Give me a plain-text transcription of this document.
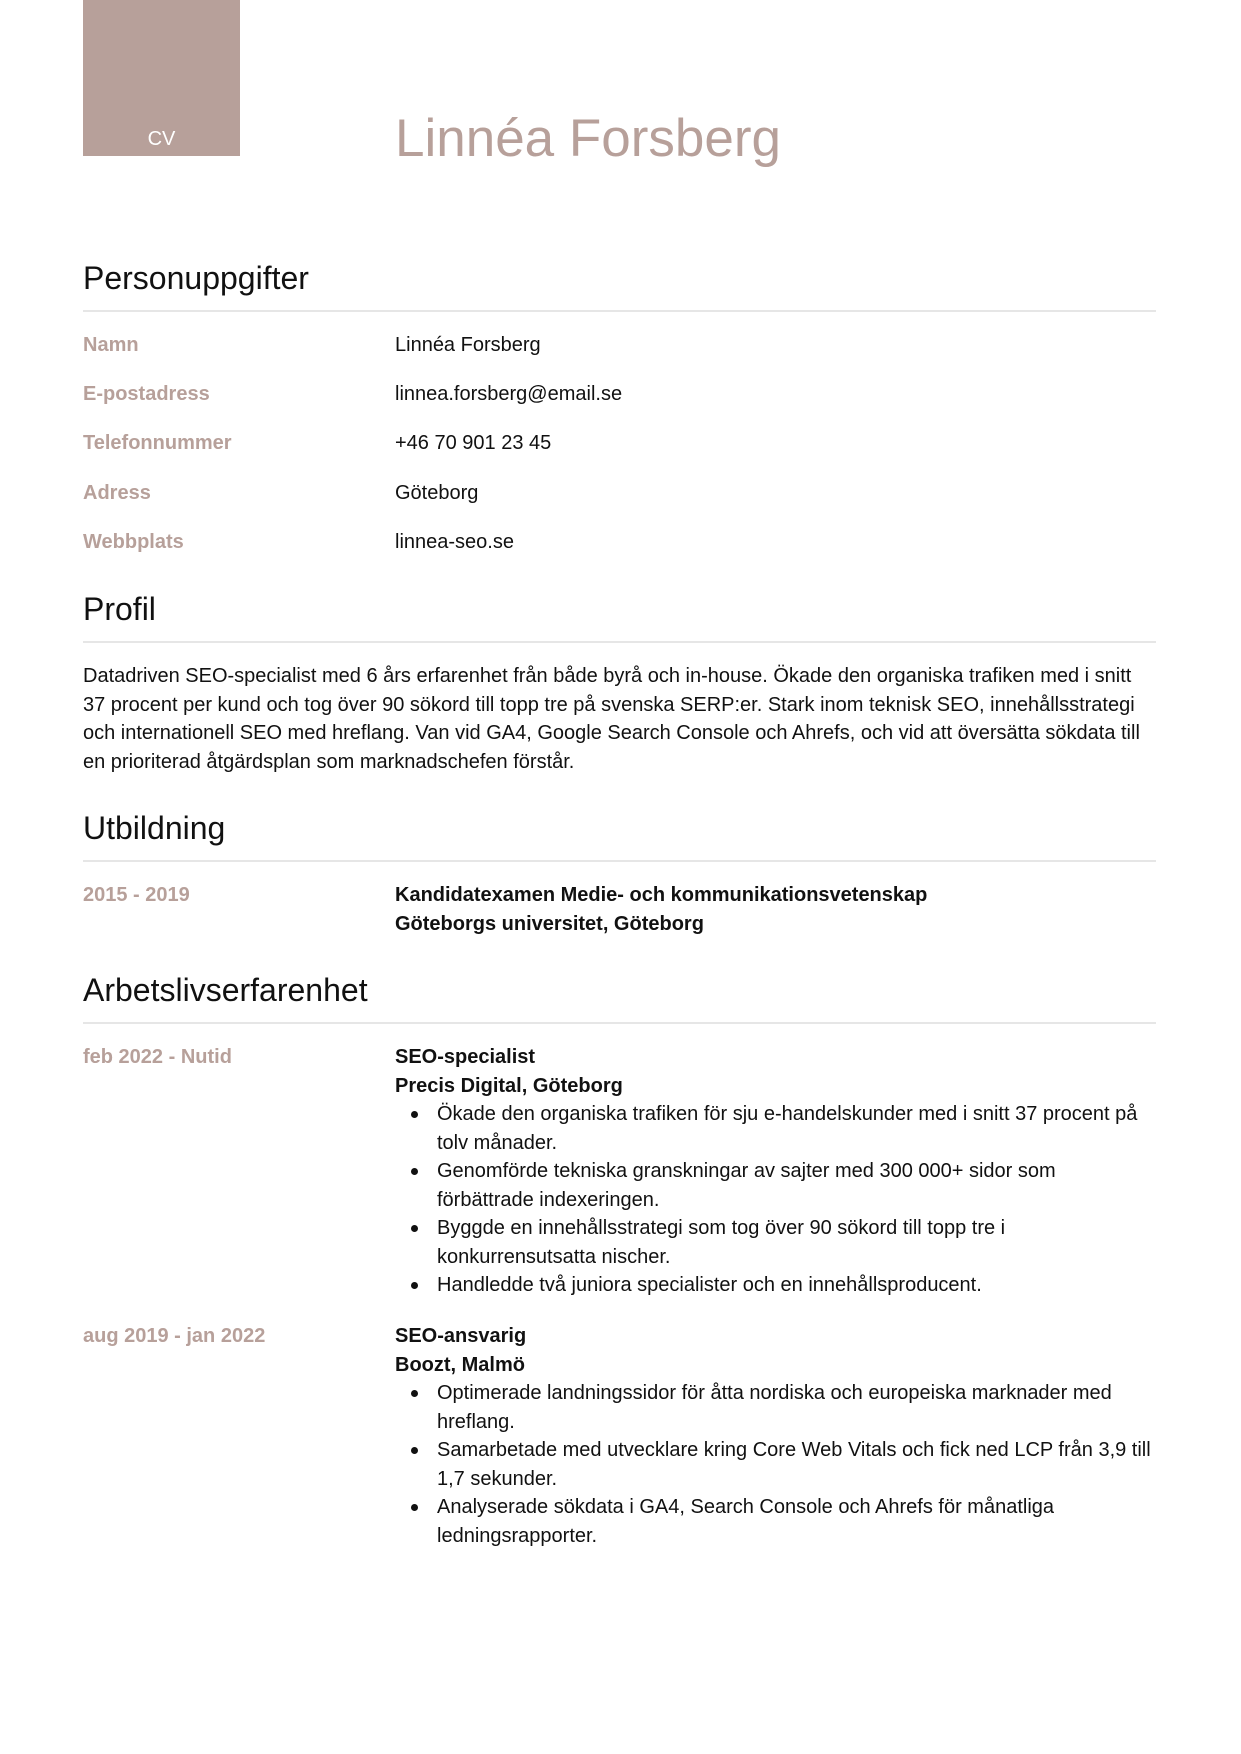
CV	Linnéa Forsberg
Personuppgifter
Namn	Linnéa Forsberg
E-postadress	linnea.forsberg@email.se
Telefonnummer	+46 70 901 23 45
Adress	Göteborg
Webbplats	linnea-seo.se
Profil

Datadriven SEO-specialist med 6 års erfarenhet från både byrå och in-house. Ökade den organiska trafiken med i snitt 37 procent per kund och tog över 90 sökord till topp tre på svenska SERP:er. Stark inom teknisk SEO, innehållsstrategi och internationell SEO med hreflang. Van vid GA4, Google Search Console och Ahrefs, och vid att översätta sökdata till en prioriterad åtgärdsplan som marknadschefen förstår.

Utbildning
2015 - 2019	Kandidatexamen Medie- och kommunikationsvetenskap
Göteborgs universitet, Göteborg
Arbetslivserfarenhet
feb 2022 - Nutid	SEO-specialist
Precis Digital, Göteborg
Ökade den organiska trafiken för sju e-handelskunder med i snitt 37 procent på tolv månader.
Genomförde tekniska granskningar av sajter med 300 000+ sidor som förbättrade indexeringen.
Byggde en innehållsstrategi som tog över 90 sökord till topp tre i konkurrensutsatta nischer.
Handledde två juniora specialister och en innehållsproducent.
aug 2019 - jan 2022	SEO-ansvarig
Boozt, Malmö
Optimerade landningssidor för åtta nordiska och europeiska marknader med hreflang.
Samarbetade med utvecklare kring Core Web Vitals och fick ned LCP från 3,9 till 1,7 sekunder.
Analyserade sökdata i GA4, Search Console och Ahrefs för månatliga ledningsrapporter.
